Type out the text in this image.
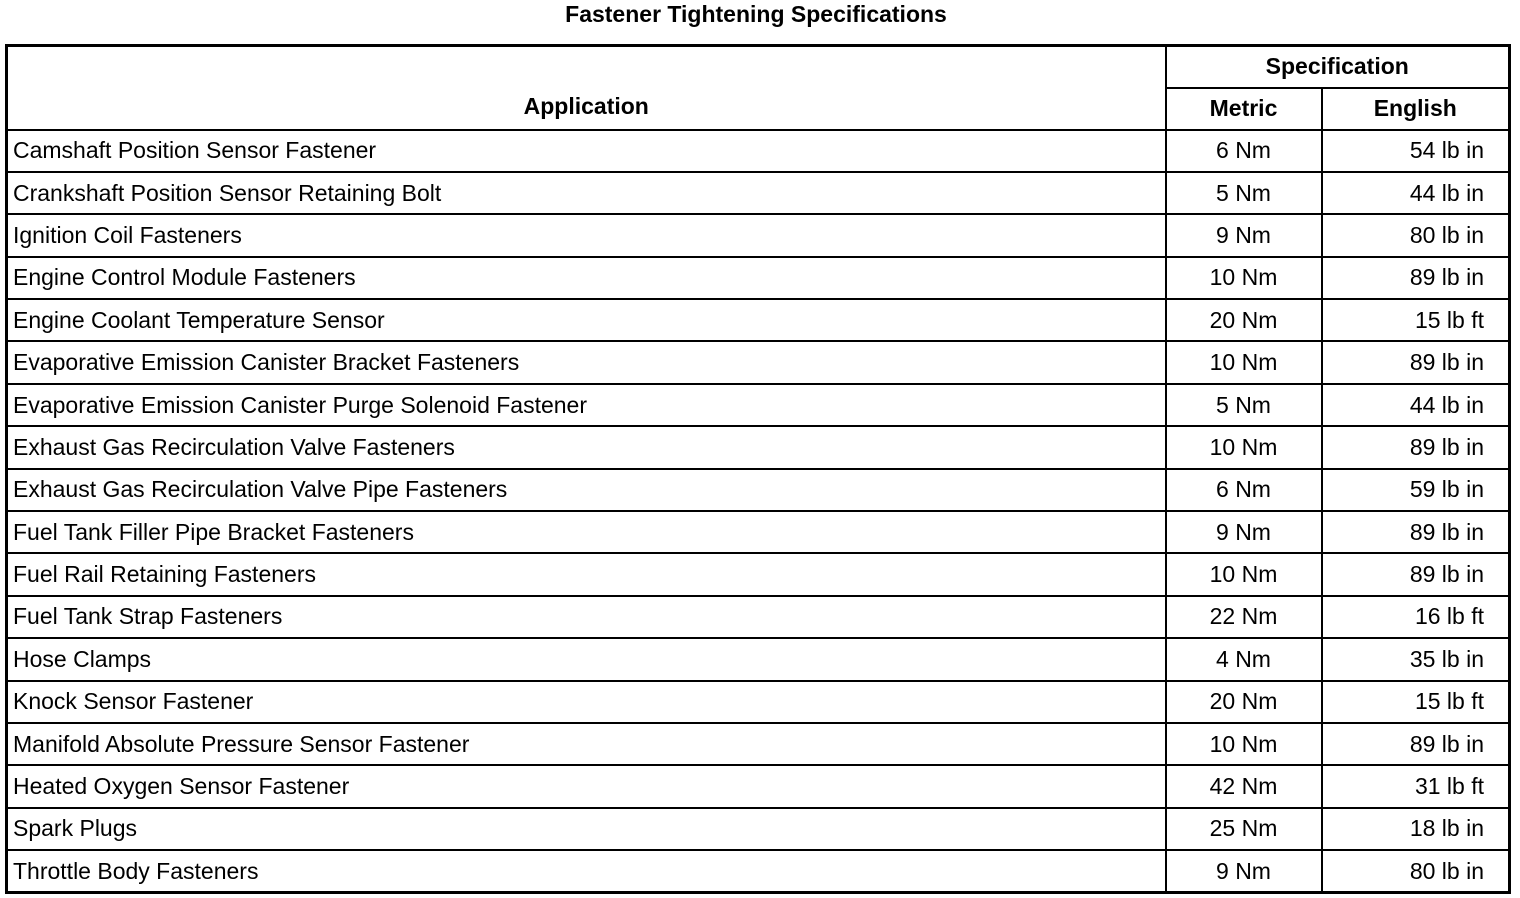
Fastener Tightening Specifications
Application	Specification	
	Metric	English
Camshaft Position Sensor Fastener	6 Nm	54 lb in
Crankshaft Position Sensor Retaining Bolt	5 Nm	44 lb in
Ignition Coil Fasteners	9 Nm	80 lb in
Engine Control Module Fasteners	10 Nm	89 lb in
Engine Coolant Temperature Sensor	20 Nm	15 lb ft
Evaporative Emission Canister Bracket Fasteners	10 Nm	89 lb in
Evaporative Emission Canister Purge Solenoid Fastener	5 Nm	44 lb in
Exhaust Gas Recirculation Valve Fasteners	10 Nm	89 lb in
Exhaust Gas Recirculation Valve Pipe Fasteners	6 Nm	59 lb in
Fuel Tank Filler Pipe Bracket Fasteners	9 Nm	89 lb in
Fuel Rail Retaining Fasteners	10 Nm	89 lb in
Fuel Tank Strap Fasteners	22 Nm	16 lb ft
Hose Clamps	4 Nm	35 lb in
Knock Sensor Fastener	20 Nm	15 lb ft
Manifold Absolute Pressure Sensor Fastener	10 Nm	89 lb in
Heated Oxygen Sensor Fastener	42 Nm	31 lb ft
Spark Plugs	25 Nm	18 lb in
Throttle Body Fasteners	9 Nm	80 lb in
